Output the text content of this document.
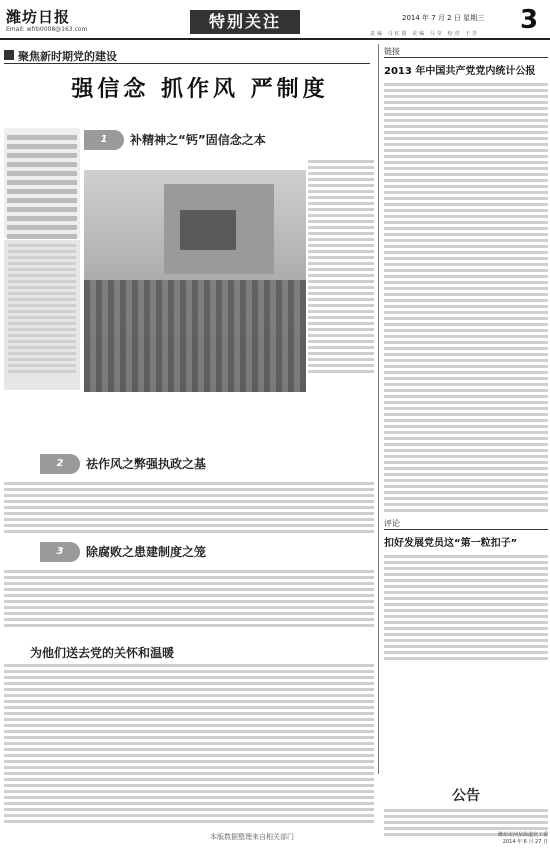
潍坊日报
Email: wfrb0008@163.com	特别关注	2014 年 7 月 2 日 星期三 3
责编 马红霞 美编 马莹 校对 于芳
聚焦新时期党的建设
强信念 抓作风 严制度
1	补精神之“钙”固信念之本
2	祛作风之弊强执政之基
3	除腐败之患建制度之笼
为他们送去党的关怀和温暖
链接
2013 年中国共产党党内统计公报
评论
扣好发展党员这“第一粒扣子”
公告
潍坊市河东街道党工委
2014 年 6 月 27 日
本版数据整理来自相关部门
